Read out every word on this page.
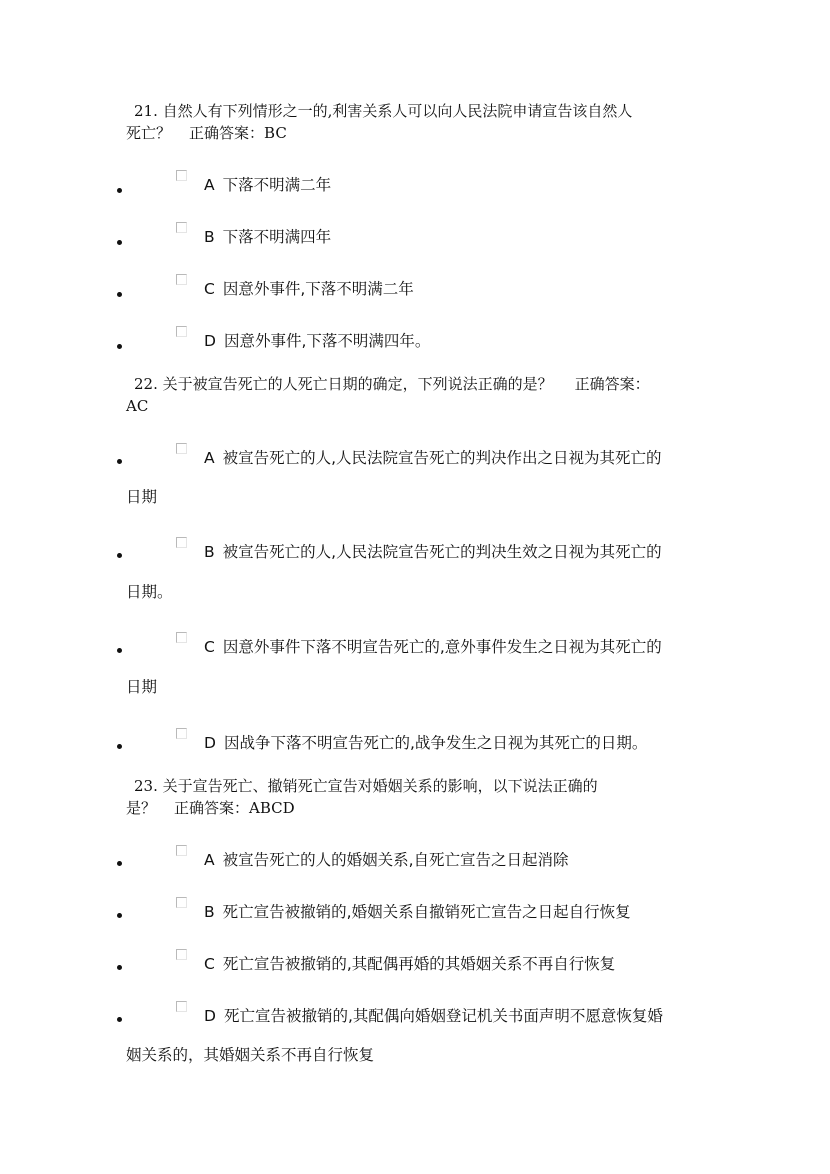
21. 自然人有下列情形之一的,利害关系人可以向人民法院申请宣告该自然人
死亡？ 正确答案：BC
A 下落不明满二年
B 下落不明满四年
C 因意外事件,下落不明满二年
D 因意外事件,下落不明满四年。
22. 关于被宣告死亡的人死亡日期的确定，下列说法正确的是？ 正确答案：
AC
A 被宣告死亡的人,人民法院宣告死亡的判决作出之日视为其死亡的
日期
B 被宣告死亡的人,人民法院宣告死亡的判决生效之日视为其死亡的
日期。
C 因意外事件下落不明宣告死亡的,意外事件发生之日视为其死亡的
日期
D 因战争下落不明宣告死亡的,战争发生之日视为其死亡的日期。
23. 关于宣告死亡、撤销死亡宣告对婚姻关系的影响，以下说法正确的
是？ 正确答案：ABCD
A 被宣告死亡的人的婚姻关系,自死亡宣告之日起消除
B 死亡宣告被撤销的,婚姻关系自撤销死亡宣告之日起自行恢复
C 死亡宣告被撤销的,其配偶再婚的其婚姻关系不再自行恢复
D 死亡宣告被撤销的,其配偶向婚姻登记机关书面声明不愿意恢复婚
姻关系的，其婚姻关系不再自行恢复
